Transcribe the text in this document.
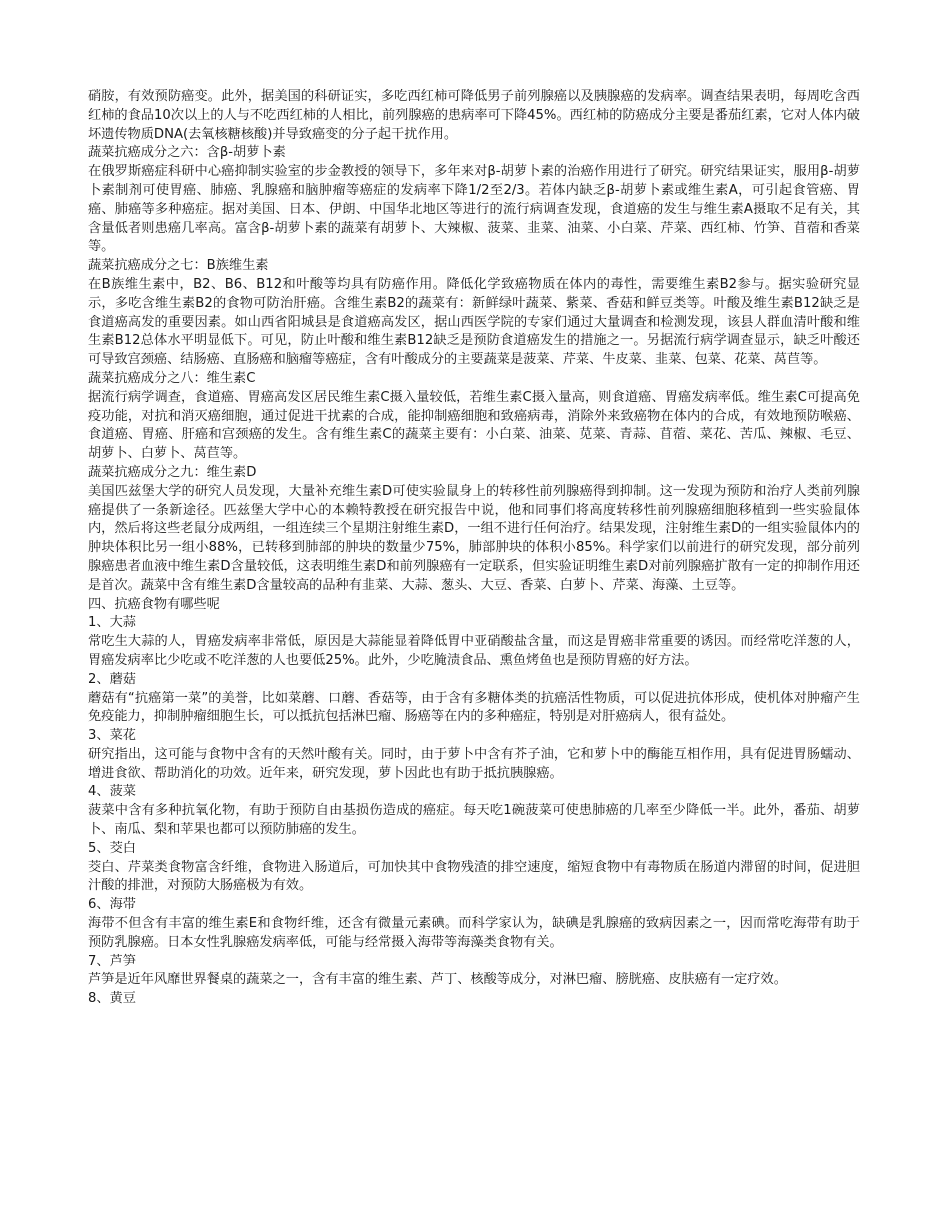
硝胺，有效预防癌变。此外，据美国的科研证实，多吃西红柿可降低男子前列腺癌以及胰腺癌的发病率。调查结果表明，每周吃含西红柿的食品10次以上的人与不吃西红柿的人相比，前列腺癌的患病率可下降45%。西红柿的防癌成分主要是番茄红素，它对人体内破坏遗传物质DNA(去氧核糖核酸)并导致癌变的分子起干扰作用。

蔬菜抗癌成分之六：含β-胡萝卜素

在俄罗斯癌症科研中心癌抑制实验室的步金教授的领导下，多年来对β-胡萝卜素的治癌作用进行了研究。研究结果证实，服用β-胡萝卜素制剂可使胃癌、肺癌、乳腺癌和脑肿瘤等癌症的发病率下降1/2至2/3。若体内缺乏β-胡萝卜素或维生素A，可引起食管癌、胃癌、肺癌等多种癌症。据对美国、日本、伊朗、中国华北地区等进行的流行病调查发现，食道癌的发生与维生素A摄取不足有关，其含量低者则患癌几率高。富含β-胡萝卜素的蔬菜有胡萝卜、大辣椒、菠菜、韭菜、油菜、小白菜、芹菜、西红柿、竹笋、苜蓿和香菜等。

蔬菜抗癌成分之七：B族维生素

在B族维生素中，B2、B6、B12和叶酸等均具有防癌作用。降低化学致癌物质在体内的毒性，需要维生素B2参与。据实验研究显示，多吃含维生素B2的食物可防治肝癌。含维生素B2的蔬菜有：新鲜绿叶蔬菜、紫菜、香菇和鲜豆类等。叶酸及维生素B12缺乏是食道癌高发的重要因素。如山西省阳城县是食道癌高发区，据山西医学院的专家们通过大量调查和检测发现，该县人群血清叶酸和维生素B12总体水平明显低下。可见，防止叶酸和维生素B12缺乏是预防食道癌发生的措施之一。另据流行病学调查显示，缺乏叶酸还可导致宫颈癌、结肠癌、直肠癌和脑瘤等癌症，含有叶酸成分的主要蔬菜是菠菜、芹菜、牛皮菜、韭菜、包菜、花菜、莴苣等。

蔬菜抗癌成分之八：维生素C

据流行病学调查，食道癌、胃癌高发区居民维生素C摄入量较低，若维生素C摄入量高，则食道癌、胃癌发病率低。维生素C可提高免疫功能，对抗和消灭癌细胞，通过促进干扰素的合成，能抑制癌细胞和致癌病毒，消除外来致癌物在体内的合成，有效地预防喉癌、食道癌、胃癌、肝癌和宫颈癌的发生。含有维生素C的蔬菜主要有：小白菜、油菜、苋菜、青蒜、苜蓿、菜花、苦瓜、辣椒、毛豆、胡萝卜、白萝卜、莴苣等。

蔬菜抗癌成分之九：维生素D

美国匹兹堡大学的研究人员发现，大量补充维生素D可使实验鼠身上的转移性前列腺癌得到抑制。这一发现为预防和治疗人类前列腺癌提供了一条新途径。匹兹堡大学中心的本赖特教授在研究报告中说，他和同事们将高度转移性前列腺癌细胞移植到一些实验鼠体内，然后将这些老鼠分成两组，一组连续三个星期注射维生素D，一组不进行任何治疗。结果发现，注射维生素D的一组实验鼠体内的肿块体积比另一组小88%，已转移到肺部的肿块的数量少75%，肺部肿块的体积小85%。科学家们以前进行的研究发现，部分前列腺癌患者血液中维生素D含量较低，这表明维生素D和前列腺癌有一定联系，但实验证明维生素D对前列腺癌扩散有一定的抑制作用还是首次。蔬菜中含有维生素D含量较高的品种有韭菜、大蒜、葱头、大豆、香菜、白萝卜、芹菜、海藻、土豆等。

四、抗癌食物有哪些呢

1、大蒜

常吃生大蒜的人，胃癌发病率非常低，原因是大蒜能显着降低胃中亚硝酸盐含量，而这是胃癌非常重要的诱因。而经常吃洋葱的人，胃癌发病率比少吃或不吃洋葱的人也要低25%。此外，少吃腌渍食品、熏鱼烤鱼也是预防胃癌的好方法。

2、蘑菇

蘑菇有“抗癌第一菜”的美誉，比如菜蘑、口蘑、香菇等，由于含有多糖体类的抗癌活性物质，可以促进抗体形成，使机体对肿瘤产生免疫能力，抑制肿瘤细胞生长，可以抵抗包括淋巴瘤、肠癌等在内的多种癌症，特别是对肝癌病人，很有益处。

3、菜花

研究指出，这可能与食物中含有的天然叶酸有关。同时，由于萝卜中含有芥子油，它和萝卜中的酶能互相作用，具有促进胃肠蠕动、增进食欲、帮助消化的功效。近年来，研究发现，萝卜因此也有助于抵抗胰腺癌。

4、菠菜

菠菜中含有多种抗氧化物，有助于预防自由基损伤造成的癌症。每天吃1碗菠菜可使患肺癌的几率至少降低一半。此外，番茄、胡萝卜、南瓜、梨和苹果也都可以预防肺癌的发生。

5、茭白

茭白、芹菜类食物富含纤维，食物进入肠道后，可加快其中食物残渣的排空速度，缩短食物中有毒物质在肠道内滞留的时间，促进胆汁酸的排泄，对预防大肠癌极为有效。

6、海带

海带不但含有丰富的维生素E和食物纤维，还含有微量元素碘。而科学家认为，缺碘是乳腺癌的致病因素之一，因而常吃海带有助于预防乳腺癌。日本女性乳腺癌发病率低，可能与经常摄入海带等海藻类食物有关。

7、芦笋

芦笋是近年风靡世界餐桌的蔬菜之一，含有丰富的维生素、芦丁、核酸等成分，对淋巴瘤、膀胱癌、皮肤癌有一定疗效。

8、黄豆
